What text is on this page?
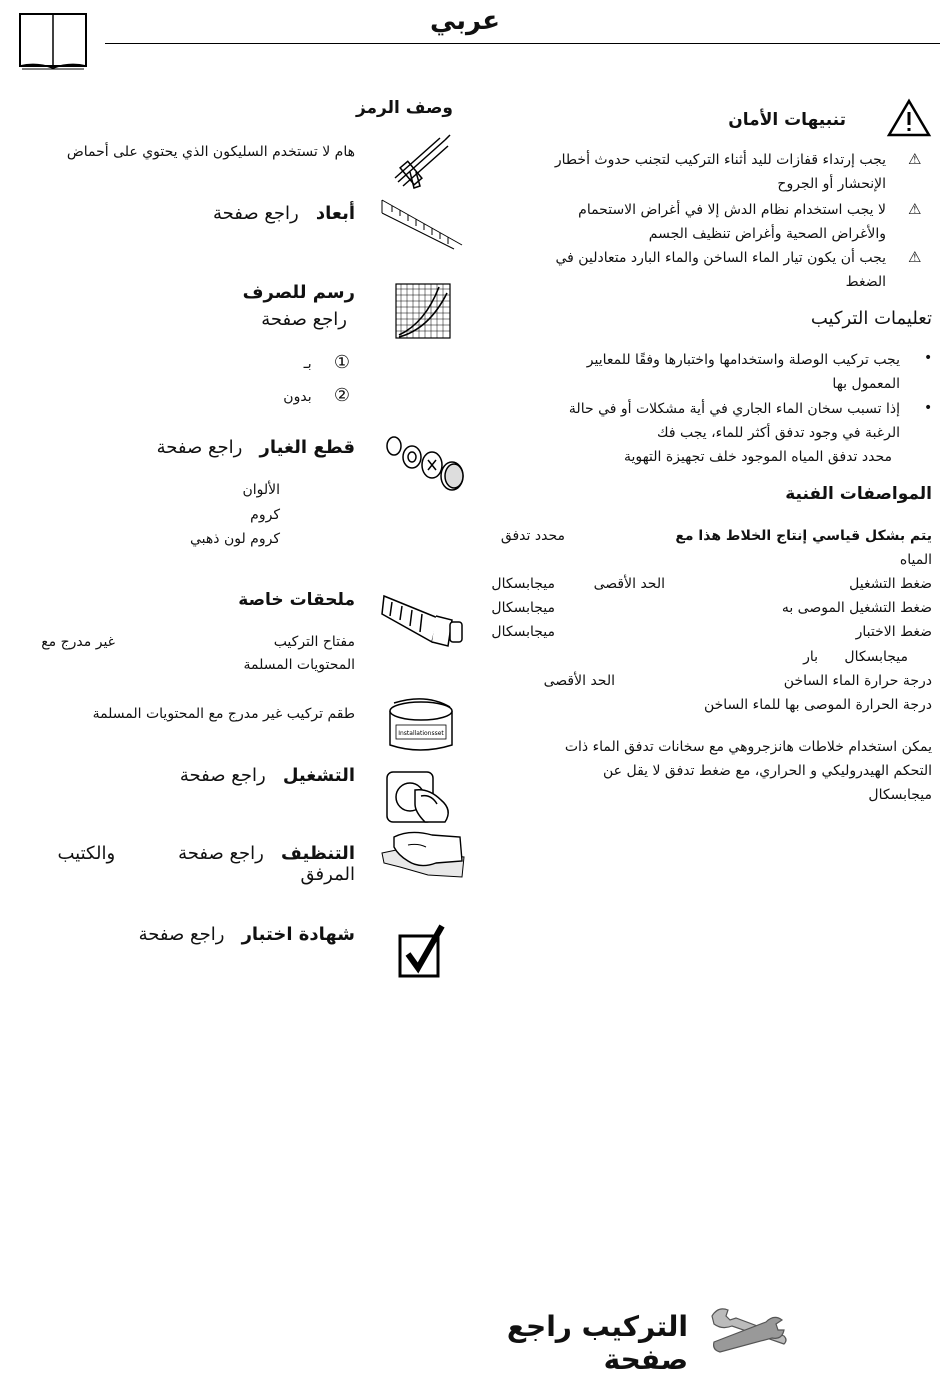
عربي
وصف الرمز
هام لا تستخدم السليكون الذي يحتوي على أحماض
أبعاد   راجع صفحة
رسم للصرف
راجع صفحة
①     بـ
②     بدون
قطع الغيار   راجع صفحة
الألوان
كروم
كروم لون ذهبي
ملحقات خاصة
مفتاح التركيب
غير مدرج مع
المحتويات المسلمة
Installationsset
طقم تركيب غير مدرج مع المحتويات المسلمة
التشغيل   راجع صفحة
التنظيف   راجع صفحة           والكتيب المرفق
شهادة اختبار   راجع صفحة
تنبيهات الأمان
⚠
يجب إرتداء قفازات لليد أثناء التركيب لتجنب حدوث أخطار
الإنحشار أو الجروح
⚠
لا يجب استخدام نظام الدش إلا في أغراض الاستحمام
والأغراض الصحية وأغراض تنظيف الجسم
⚠
يجب أن يكون تيار الماء الساخن والماء البارد متعادلين في
الضغط
تعليمات التركيب
•
يجب تركيب الوصلة واستخدامها واختبارها وفقًا للمعايير
المعمول بها
•
إذا تسبب سخان الماء الجاري في أية مشكلات أو في حالة
الرغبة في وجود تدفق أكثر للماء، يجب فك
محدد تدفق المياه الموجود خلف تجهيزة التهوية
المواصفات الفنية
يتم بشكل قياسي إنتاج الخلاط هذا مع
محدد تدفق
المياه
ضغط التشغيل
الحد الأقصى
ميجابسكال
ضغط التشغيل الموصى به
ميجابسكال
ضغط الاختبار
ميجابسكال
ميجابسكال
بار
درجة حرارة الماء الساخن
الحد الأقصى
درجة الحرارة الموصى بها للماء الساخن
يمكن استخدام خلاطات هانزجروهي مع سخانات تدفق الماء ذات
التحكم الهيدروليكي و الحراري، مع ضغط تدفق لا يقل عن
ميجابسكال
التركيب راجع صفحة
